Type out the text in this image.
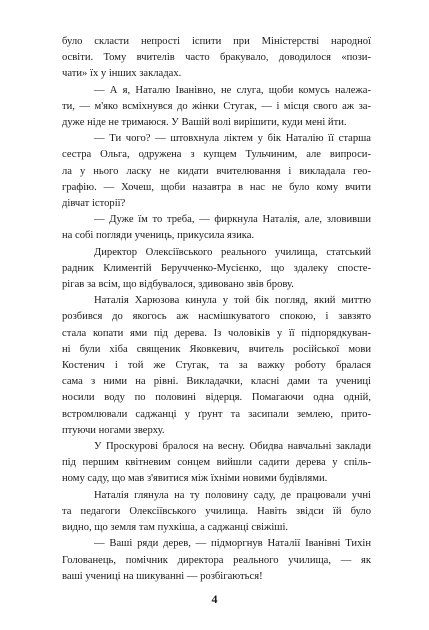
було скласти непрості іспити при Міністерстві народної
освіти. Тому вчителів часто бракувало, доводилося «пози-
чати» їх у інших закладах.
— А я, Наталю Іванівно, не слуга, щоби комусь належа-
ти, — м'яко всміхнувся до жінки Стугак, — і місця свого аж за-
дуже ніде не тримаюся. У Вашій волі вирішити, куди мені йти.
— Ти чого? — штовхнула ліктем у бік Наталію її старша
сестра Ольга, одружена з купцем Тульчиним, але випроси-
ла у нього ласку не кидати вчителювання і викладала гео-
графію. — Хочеш, щоби назавтра в нас не було кому вчити
дівчат історії?
— Дуже їм то треба, — фиркнула Наталія, але, зловивши
на собі погляди учениць, прикусила язика.
Директор Олексіївського реального училища, статський
радник Климентій Беручченко-Мусієнко, що здалеку спосте-
рігав за всім, що відбувалося, здивовано звів брову.
Наталія Харюзова кинула у той бік погляд, який миттю
розбився до якогось аж насмішкуватого спокою, і завзято
стала копати ями під дерева. Із чоловіків у її підпорядкуван-
ні були хіба священик Яковкевич, вчитель російської мови
Костенич і той же Стугак, та за важку роботу бралася
сама з ними на рівні. Викладачки, класні дами та учениці
носили воду по половині відерця. Помагаючи одна одній,
встромлювали саджанці у ґрунт та засипали землею, прито-
птуючи ногами зверху.
У Проскурові бралося на весну. Обидва навчальні заклади
під першим квітневим сонцем вийшли садити дерева у спіль-
ному саду, що мав з'явитися між їхніми новими будівлями.
Наталія глянула на ту половину саду, де працювали учні
та педагоги Олексіївського училища. Навіть звідси їй було
видно, що земля там пухкіша, а саджанці свіжіші.
— Ваші ряди дерев, — підморгнув Наталії Іванівні Тихін
Голованець, помічник директора реального училища, — як
ваші учениці на шикуванні — розбігаються!
4
